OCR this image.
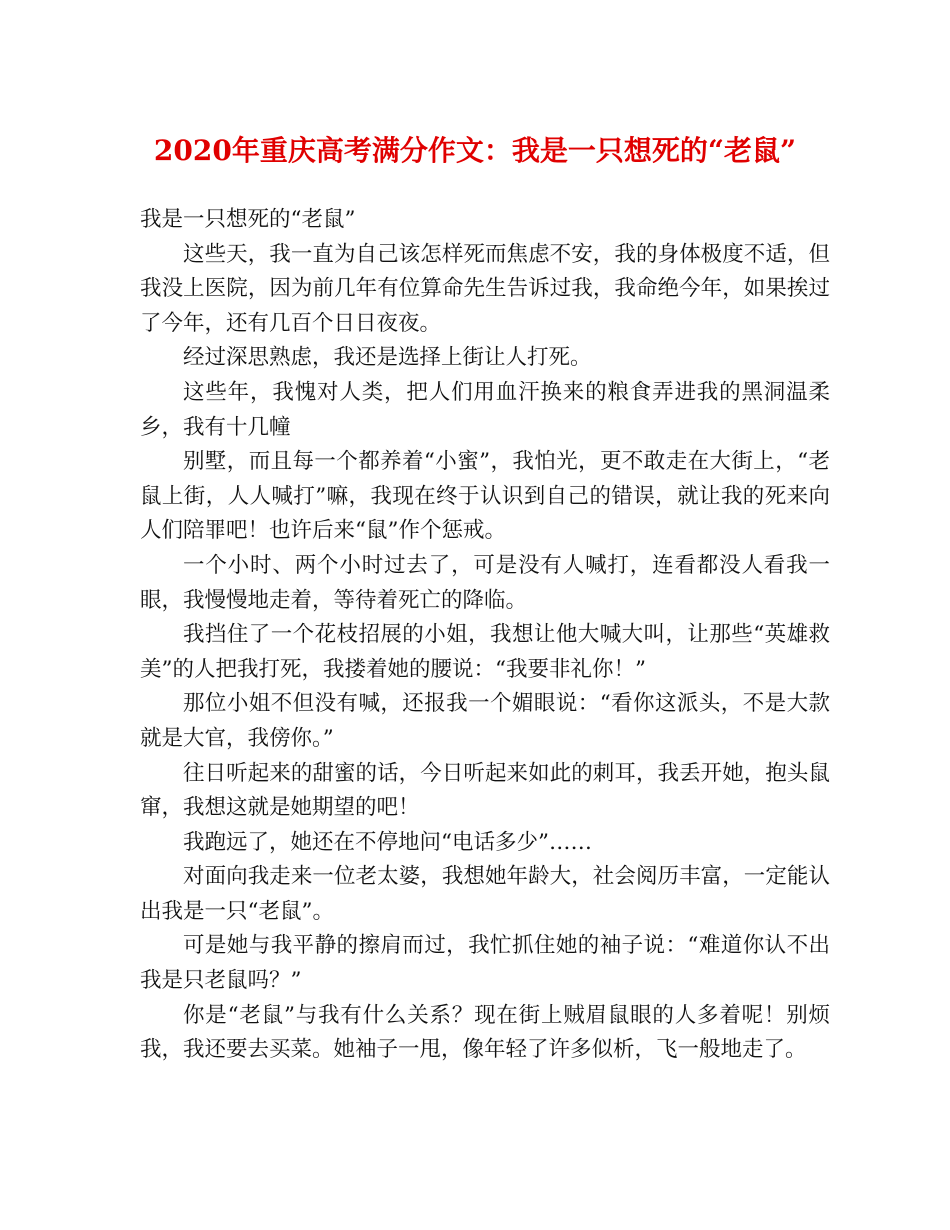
2020年重庆高考满分作文：我是一只想死的“老鼠”

我是一只想死的“老鼠”

这些天，我一直为自己该怎样死而焦虑不安，我的身体极度不适，但我没上医院，因为前几年有位算命先生告诉过我，我命绝今年，如果挨过了今年，还有几百个日日夜夜。

经过深思熟虑，我还是选择上街让人打死。

这些年，我愧对人类，把人们用血汗换来的粮食弄进我的黑洞温柔乡，我有十几幢

别墅，而且每一个都养着“小蜜”，我怕光，更不敢走在大街上，“老鼠上街，人人喊打”嘛，我现在终于认识到自己的错误，就让我的死来向人们陪罪吧！也许后来“鼠”作个惩戒。

一个小时、两个小时过去了，可是没有人喊打，连看都没人看我一眼，我慢慢地走着，等待着死亡的降临。

我挡住了一个花枝招展的小姐，我想让他大喊大叫，让那些“英雄救美”的人把我打死，我搂着她的腰说：“我要非礼你！”

那位小姐不但没有喊，还报我一个媚眼说：“看你这派头，不是大款就是大官，我傍你。”

往日听起来的甜蜜的话，今日听起来如此的刺耳，我丢开她，抱头鼠窜，我想这就是她期望的吧！

我跑远了，她还在不停地问“电话多少”……

对面向我走来一位老太婆，我想她年龄大，社会阅历丰富，一定能认出我是一只“老鼠”。

可是她与我平静的擦肩而过，我忙抓住她的袖子说：“难道你认不出我是只老鼠吗？”

你是“老鼠”与我有什么关系？现在街上贼眉鼠眼的人多着呢！别烦我，我还要去买菜。她袖子一甩，像年轻了许多似析，飞一般地走了。
